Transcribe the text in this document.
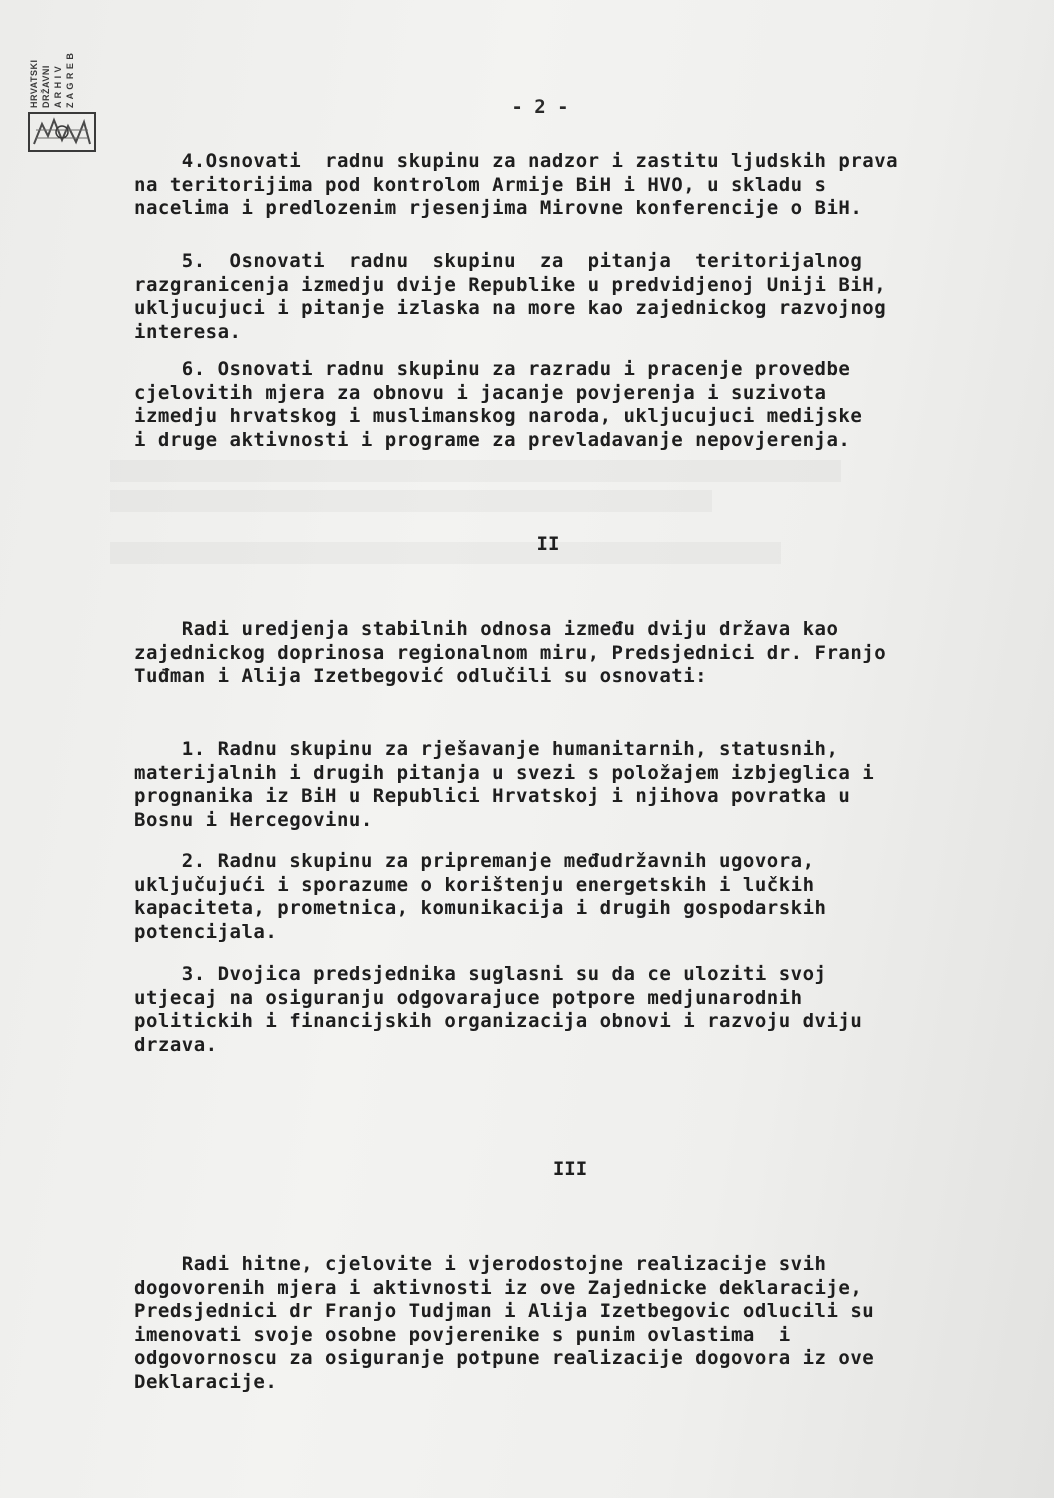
HRVATSKI DRŽAVNI A R H I V Z A G R E B	- 2 -
4.Osnovati  radnu skupinu za nadzor i zastitu ljudskih prava
na teritorijima pod kontrolom Armije BiH i HVO, u skladu s
nacelima i predlozenim rjesenjima Mirovne konferencije o BiH.
5.  Osnovati  radnu  skupinu  za  pitanja  teritorijalnog
razgranicenja izmedju dvije Republike u predvidjenoj Uniji BiH,
ukljucujuci i pitanje izlaska na more kao zajednickog razvojnog
interesa.
6. Osnovati radnu skupinu za razradu i pracenje provedbe
cjelovitih mjera za obnovu i jacanje povjerenja i suzivota
izmedju hrvatskog i muslimanskog naroda, ukljucujuci medijske
i druge aktivnosti i programe za prevladavanje nepovjerenja.
II
Radi uredjenja stabilnih odnosa između dviju država kao
zajednickog doprinosa regionalnom miru, Predsjednici dr. Franjo
Tuđman i Alija Izetbegović odlučili su osnovati:
1. Radnu skupinu za rješavanje humanitarnih, statusnih,
materijalnih i drugih pitanja u svezi s položajem izbjeglica i
prognanika iz BiH u Republici Hrvatskoj i njihova povratka u
Bosnu i Hercegovinu.
2. Radnu skupinu za pripremanje međudržavnih ugovora,
uključujući i sporazume o korištenju energetskih i lučkih
kapaciteta, prometnica, komunikacija i drugih gospodarskih
potencijala.
3. Dvojica predsjednika suglasni su da ce uloziti svoj
utjecaj na osiguranju odgovarajuce potpore medjunarodnih
politickih i financijskih organizacija obnovi i razvoju dviju
drzava.
III
Radi hitne, cjelovite i vjerodostojne realizacije svih
dogovorenih mjera i aktivnosti iz ove Zajednicke deklaracije,
Predsjednici dr Franjo Tudjman i Alija Izetbegovic odlucili su
imenovati svoje osobne povjerenike s punim ovlastima  i
odgovornoscu za osiguranje potpune realizacije dogovora iz ove
Deklaracije.
